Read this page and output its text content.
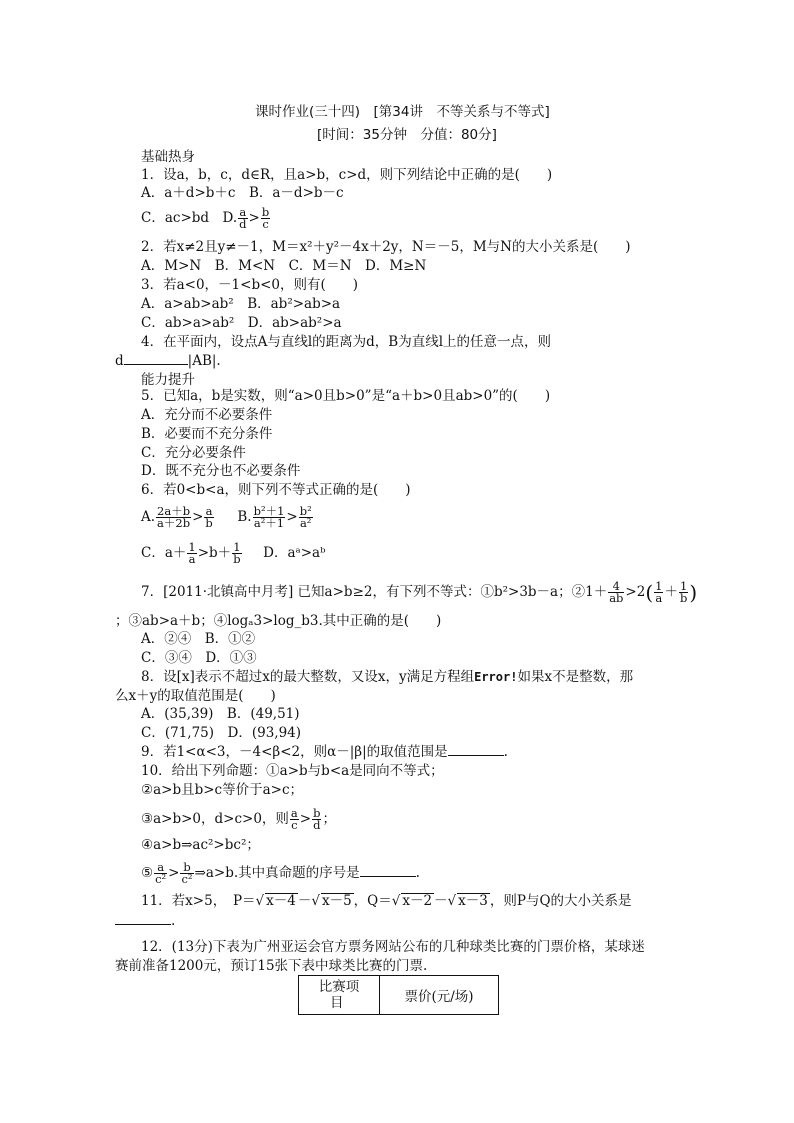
课时作业(三十四)　[第34讲　不等关系与不等式]
[时间：35分钟　分值：80分]
基础热身
1．设a，b，c，d∈R，且a>b，c>d，则下列结论中正确的是(　　)
A．a＋d>b＋c　B．a－d>b－c
C．ac>bd　D. $\frac{a}{d} > \frac{b}{c}$
2．若x≠2且y≠－1，M＝x²＋y²－4x＋2y，N＝－5，M与N的大小关系是(　　)
A．M>N　B．M<N　C．M＝N　D．M≥N
3．若a<0，－1<b<0，则有(　　)
A．a>ab>ab²　B．ab²>ab>a
C．ab>a>ab²　D．ab>ab²>a
4．在平面内，设点A与直线l的距离为d，B为直线l上的任意一点，则
d	|AB|.
能力提升
5．已知a，b是实数，则“a>0且b>0”是“a＋b>0且ab>0”的(　　)
A．充分而不必要条件
B．必要而不充分条件
C．充分必要条件
D．既不充分也不必要条件
6．若0<b<a，则下列不等式正确的是(　　)
A. $\frac{2a+b}{a+2b} > \frac{a}{b} B$. $\frac{\text{b²＋1}}{\text{a²＋1}} > \frac{\text{b²}}{\text{a²}}$
C．$a+ \frac{1}{a} >b+ \frac{1}{b}$ D．aᵃ>aᵇ
7．[2011·北镇高中月考] 已知a>b≥2，有下列不等式：①b²>3b－a；②1＋ $\frac{4}{ab} >2( \frac{1}{a} + \frac{1}{b}$ )
；③ab>a＋b；④logₐ3>log_b3.其中正确的是(　　)
A．②④　B．①②
C．③④　D．①③
8．设[x]表示不超过x的最大整数，又设x，y满足方程组Error!如果x不是整数，那
么x＋y的取值范围是(　　)
A．(35,39)　B．(49,51)
C．(71,75)　D．(93,94)
9．若1<α<3，－4<β<2，则α－|β|的取值范围是	.
10．给出下列命题：①a>b与b<a是同向不等式；
②a>b且b>c等价于a>c；
③a>b>0，d>c>0，则 $\frac{a}{c} > \frac{b}{d}$ ；
④a>b⇒ac²>bc²；
⑤ $\frac{a}{\text{c²}} > \frac{b}{\text{c²}}$ ⇒a>b.其中真命题的序号是	.
11．若x>5，　P＝√ x－4 －√ x－5 ，Q＝√ x－2 －√ x－3 ，则P与Q的大小关系是
.
12．(13分)下表为广州亚运会官方票务网站公布的几种球类比赛的门票价格，某球迷
赛前准备1200元，预订15张下表中球类比赛的门票.
比赛项
目	票价(元/场)
